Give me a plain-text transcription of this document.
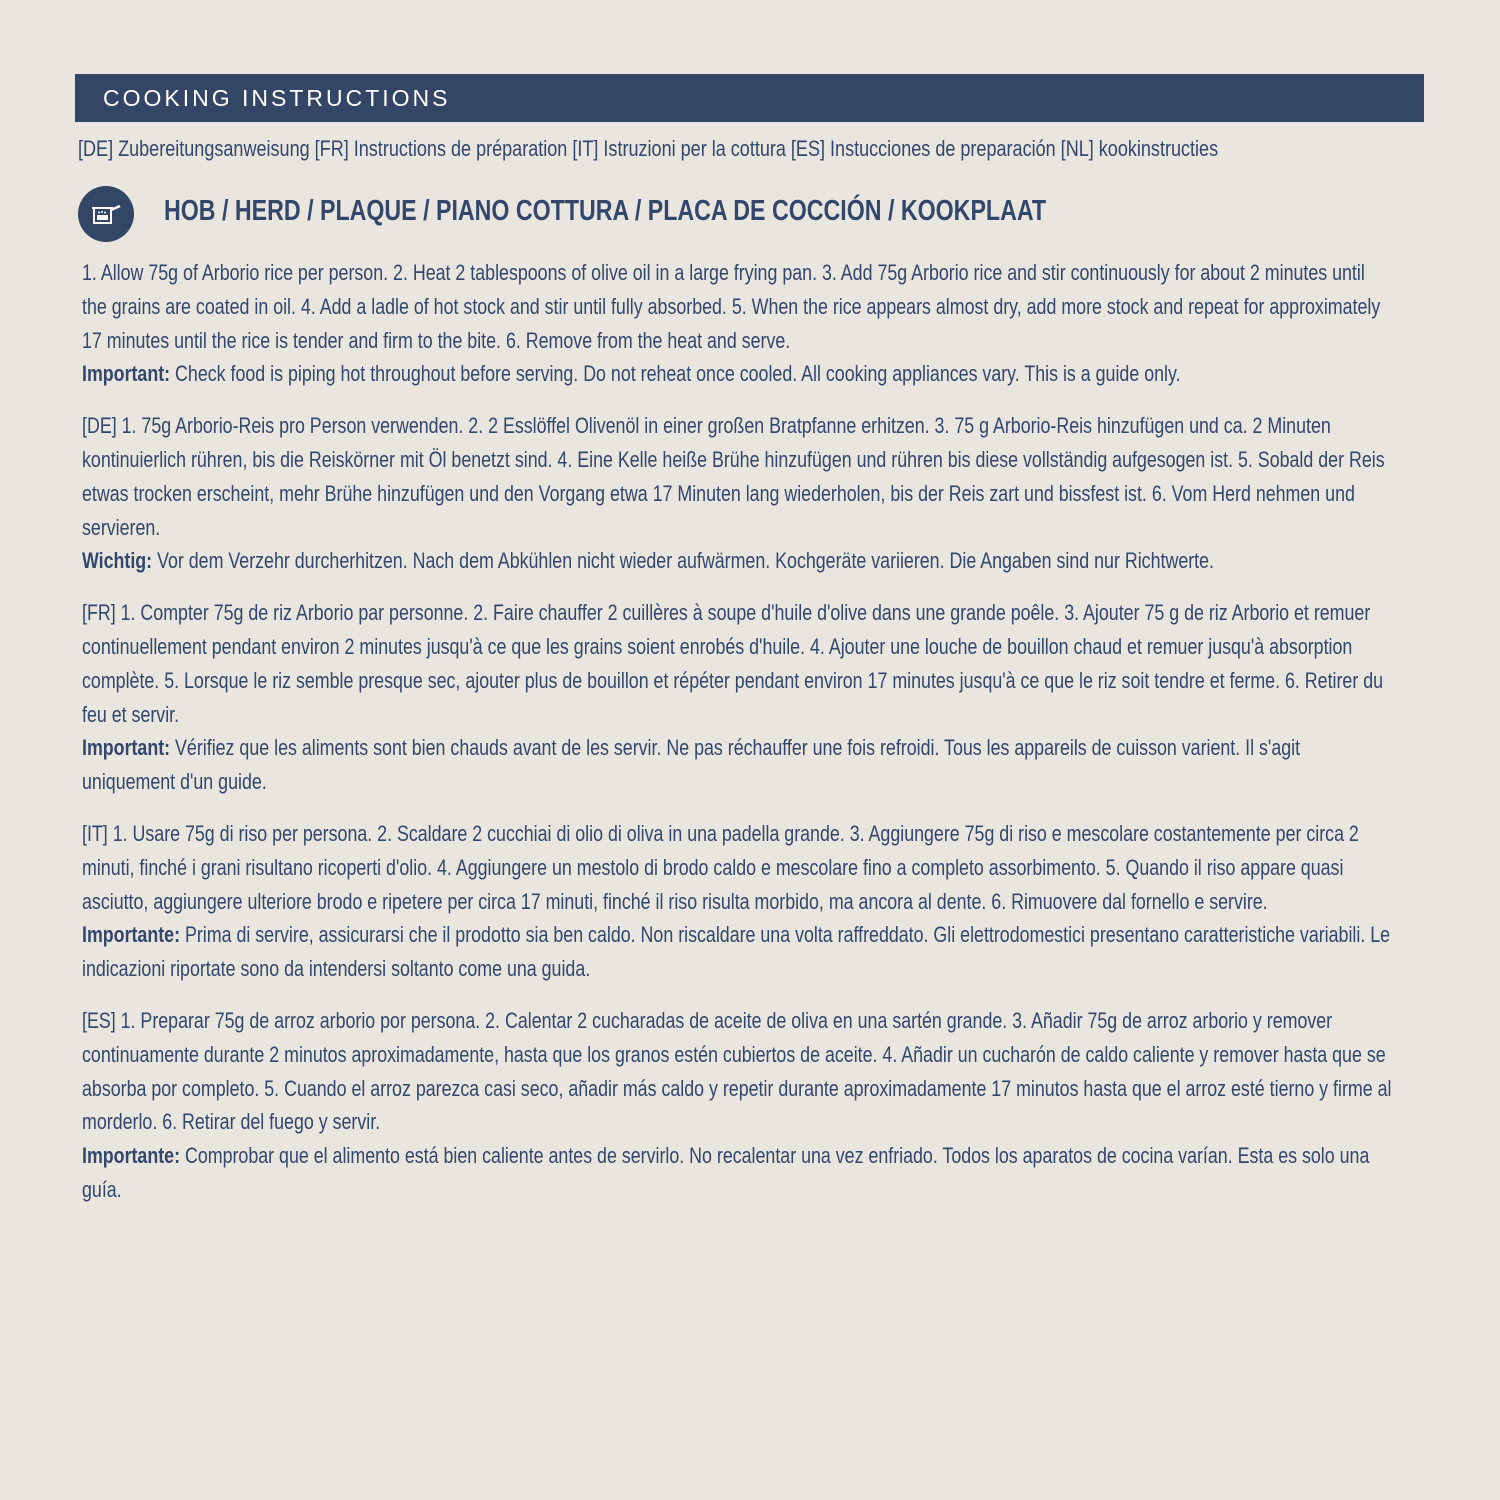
COOKING INSTRUCTIONS
[DE] Zubereitungsanweisung [FR] Instructions de préparation [IT] Istruzioni per la cottura [ES] Instucciones de preparación [NL] kookinstructies
HOB / HERD / PLAQUE / PIANO COTTURA / PLACA DE COCCIÓN / KOOKPLAAT

1. Allow 75g of Arborio rice per person. 2. Heat 2 tablespoons of olive oil in a large frying pan. 3. Add 75g Arborio rice and stir continuously for about 2 minutes until the grains are coated in oil. 4. Add a ladle of hot stock and stir until fully absorbed. 5. When the rice appears almost dry, add more stock and repeat for approximately 17 minutes until the rice is tender and firm to the bite. 6. Remove from the heat and serve.

Important: Check food is piping hot throughout before serving. Do not reheat once cooled. All cooking appliances vary. This is a guide only.

[DE] 1. 75g Arborio-Reis pro Person verwenden. 2. 2 Esslöffel Olivenöl in einer großen Bratpfanne erhitzen. 3. 75 g Arborio-Reis hinzufügen und ca. 2 Minuten kontinuierlich rühren, bis die Reiskörner mit Öl benetzt sind. 4. Eine Kelle heiße Brühe hinzufügen und rühren bis diese vollständig aufgesogen ist. 5. Sobald der Reis etwas trocken erscheint, mehr Brühe hinzufügen und den Vorgang etwa 17 Minuten lang wiederholen, bis der Reis zart und bissfest ist. 6. Vom Herd nehmen und servieren.

Wichtig: Vor dem Verzehr durcherhitzen. Nach dem Abkühlen nicht wieder aufwärmen. Kochgeräte variieren. Die Angaben sind nur Richtwerte.

[FR] 1. Compter 75g de riz Arborio par personne. 2. Faire chauffer 2 cuillères à soupe d'huile d'olive dans une grande poêle. 3. Ajouter 75 g de riz Arborio et remuer continuellement pendant environ 2 minutes jusqu'à ce que les grains soient enrobés d'huile. 4. Ajouter une louche de bouillon chaud et remuer jusqu'à absorption complète. 5. Lorsque le riz semble presque sec, ajouter plus de bouillon et répéter pendant environ 17 minutes jusqu'à ce que le riz soit tendre et ferme. 6. Retirer du feu et servir.

Important: Vérifiez que les aliments sont bien chauds avant de les servir. Ne pas réchauffer une fois refroidi. Tous les appareils de cuisson varient. Il s'agit uniquement d'un guide.

[IT] 1. Usare 75g di riso per persona. 2. Scaldare 2 cucchiai di olio di oliva in una padella grande. 3. Aggiungere 75g di riso e mescolare costantemente per circa 2 minuti, finché i grani risultano ricoperti d'olio. 4. Aggiungere un mestolo di brodo caldo e mescolare fino a completo assorbimento. 5. Quando il riso appare quasi asciutto, aggiungere ulteriore brodo e ripetere per circa 17 minuti, finché il riso risulta morbido, ma ancora al dente. 6. Rimuovere dal fornello e servire.

Importante: Prima di servire, assicurarsi che il prodotto sia ben caldo. Non riscaldare una volta raffreddato. Gli elettrodomestici presentano caratteristiche variabili. Le indicazioni riportate sono da intendersi soltanto come una guida.

[ES] 1. Preparar 75g de arroz arborio por persona. 2. Calentar 2 cucharadas de aceite de oliva en una sartén grande. 3. Añadir 75g de arroz arborio y remover continuamente durante 2 minutos aproximadamente, hasta que los granos estén cubiertos de aceite. 4. Añadir un cucharón de caldo caliente y remover hasta que se absorba por completo. 5. Cuando el arroz parezca casi seco, añadir más caldo y repetir durante aproximadamente 17 minutos hasta que el arroz esté tierno y firme al morderlo. 6. Retirar del fuego y servir.

Importante: Comprobar que el alimento está bien caliente antes de servirlo. No recalentar una vez enfriado. Todos los aparatos de cocina varían. Esta es solo una guía.
